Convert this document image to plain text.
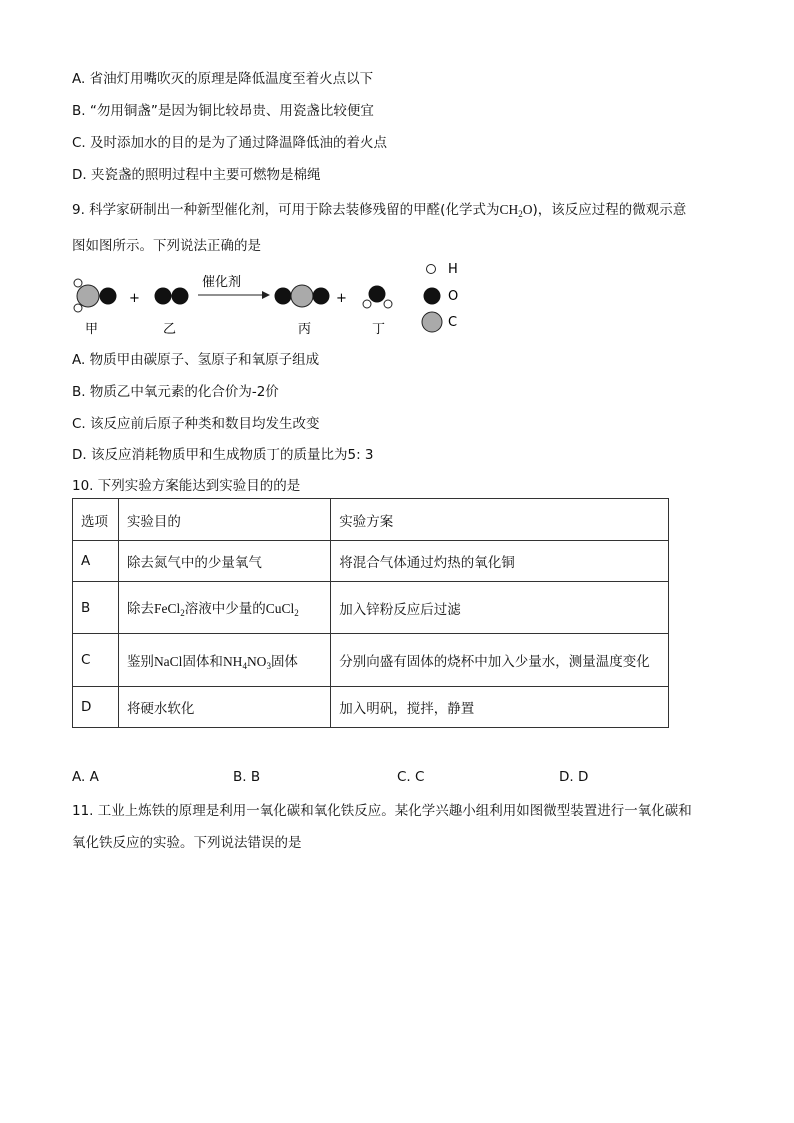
A. 省油灯用嘴吹灭的原理是降低温度至着火点以下
B. “勿用铜盏”是因为铜比较昂贵、用瓷盏比较便宜
C. 及时添加水的目的是为了通过降温降低油的着火点
D. 夹瓷盏的照明过程中主要可燃物是棉绳
9. 科学家研制出一种新型催化剂，可用于除去装修残留的甲醛(化学式为$CH_2O$)，该反应过程的微观示意
图如图所示。下列说法正确的是
甲
+
乙
催化剂
丙
+
丁
H
O
C
A. 物质甲由碳原子、氢原子和氧原子组成
B. 物质乙中氧元素的化合价为-2价
C. 该反应前后原子种类和数目均发生改变
D. 该反应消耗物质甲和生成物质丁的质量比为5: 3
10. 下列实验方案能达到实验目的的是
选项	实验目的	实验方案
A	除去氮气中的少量氧气	将混合气体通过灼热的氧化铜
B	除去FeCl$_2$溶液中少量的CuCl$_2$	加入锌粉反应后过滤
C	鉴别NaCl固体和$NH_4NO_3$固体	分别向盛有固体的烧杯中加入少量水，测量温度变化
D	将硬水软化	加入明矾，搅拌，静置
A. A	B. B	C. C	D. D
11. 工业上炼铁的原理是利用一氧化碳和氧化铁反应。某化学兴趣小组利用如图微型装置进行一氧化碳和
氧化铁反应的实验。下列说法错误的是
